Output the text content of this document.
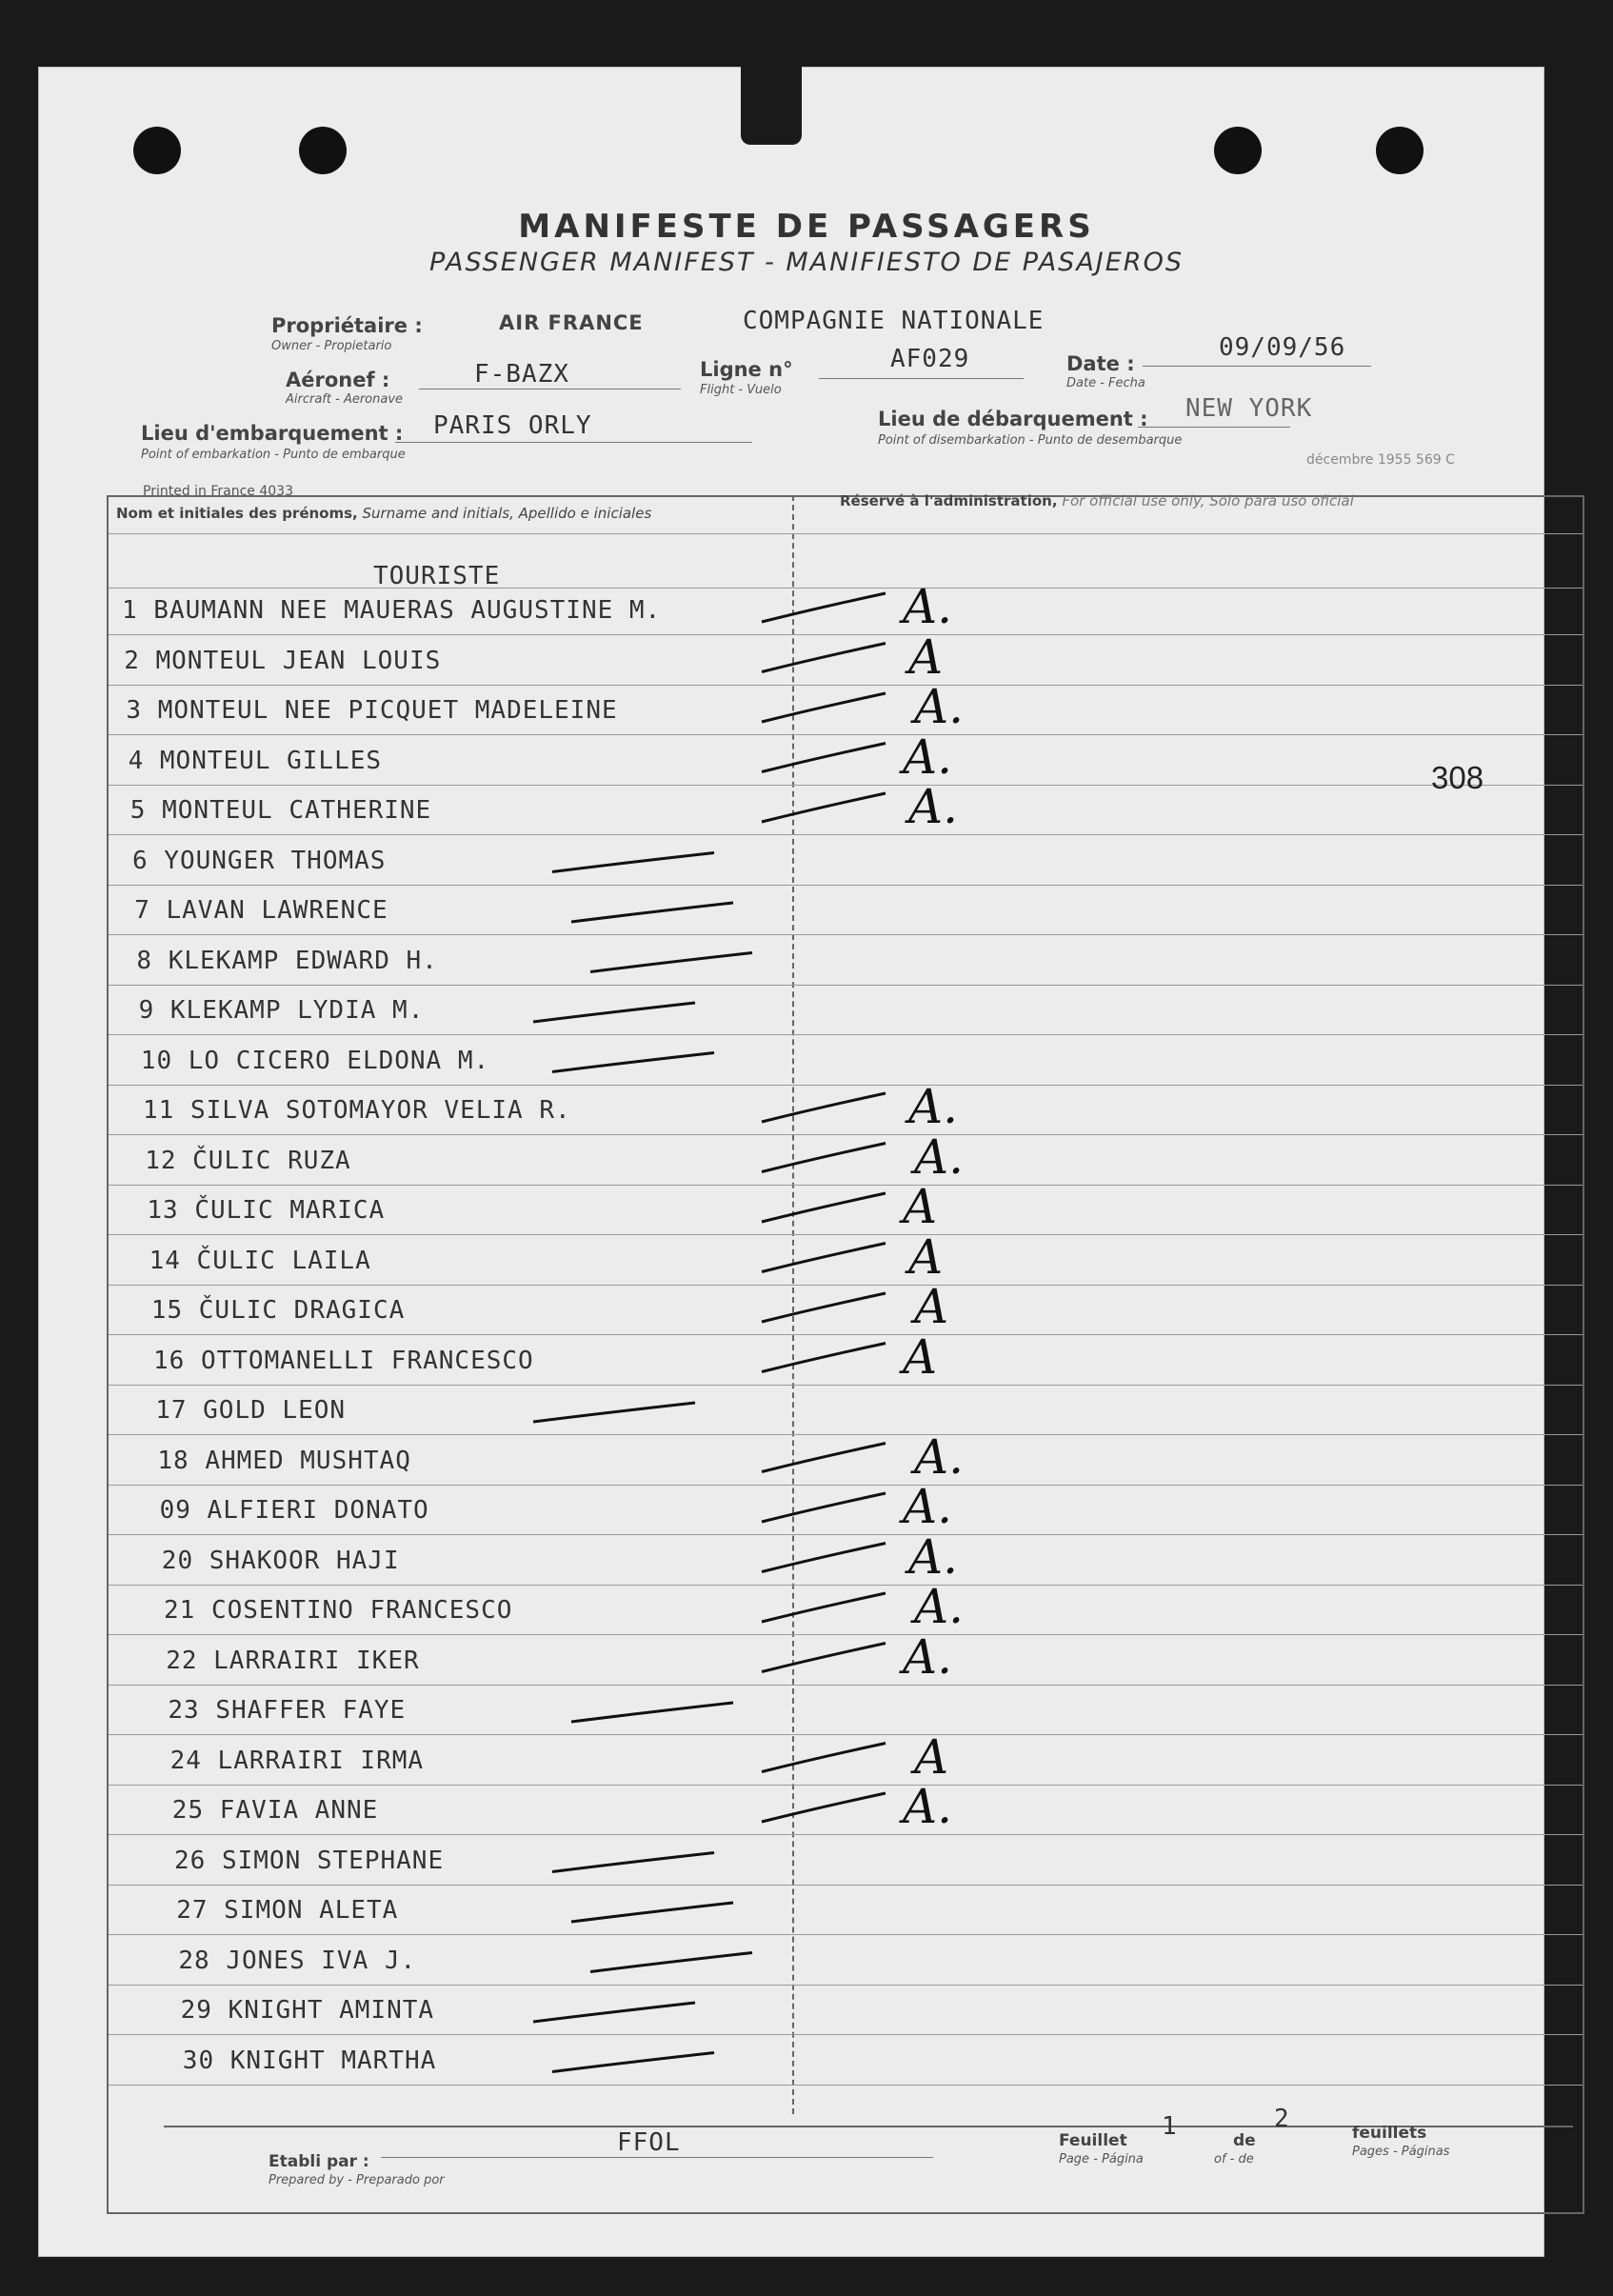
MANIFESTE DE PASSAGERS
PASSENGER MANIFEST - MANIFIESTO DE PASAJEROS
Propriétaire :
Owner - Propietario
AIR FRANCE	COMPAGNIE NATIONALE
Aéronef :
Aircraft - Aeronave
F-BAZX	Ligne n°
Flight - Vuelo
AF029	Date :
Date - Fecha
09/09/56
Lieu d'embarquement :
Point of embarkation - Punto de embarque
PARIS ORLY	Lieu de débarquement :
Point of disembarkation - Punto de desembarque
NEW YORK
Printed in France 4033
décembre 1955 569 C
Nom et initiales des prénoms, Surname and initials, Apellido e iniciales
Réservé à l'administration, For official use only, Solo para uso oficial
TOURISTE
1 BAUMANN NEE MAUERAS AUGUSTINE M.	A.
2 MONTEUL JEAN LOUIS	A
3 MONTEUL NEE PICQUET MADELEINE	A.
4 MONTEUL GILLES	A.
5 MONTEUL CATHERINE	A.
6 YOUNGER THOMAS
7 LAVAN LAWRENCE
8 KLEKAMP EDWARD H.
9 KLEKAMP LYDIA M.
10 LO CICERO ELDONA M.
11 SILVA SOTOMAYOR VELIA R.	A.
12 ČULIC RUZA	A.
13 ČULIC MARICA	A
14 ČULIC LAILA	A
15 ČULIC DRAGICA	A
16 OTTOMANELLI FRANCESCO	A
17 GOLD LEON
18 AHMED MUSHTAQ	A.
09 ALFIERI DONATO	A.
20 SHAKOOR HAJI	A.
21 COSENTINO FRANCESCO	A.
22 LARRAIRI IKER	A.
23 SHAFFER FAYE
24 LARRAIRI IRMA	A
25 FAVIA ANNE	A.
26 SIMON STEPHANE
27 SIMON ALETA
28 JONES IVA J.
29 KNIGHT AMINTA
30 KNIGHT MARTHA
308
Etabli par :
Prepared by - Preparado por
FFOL	Feuillet
Page - Página
1	de
of - de
2	feuillets
Pages - Páginas
